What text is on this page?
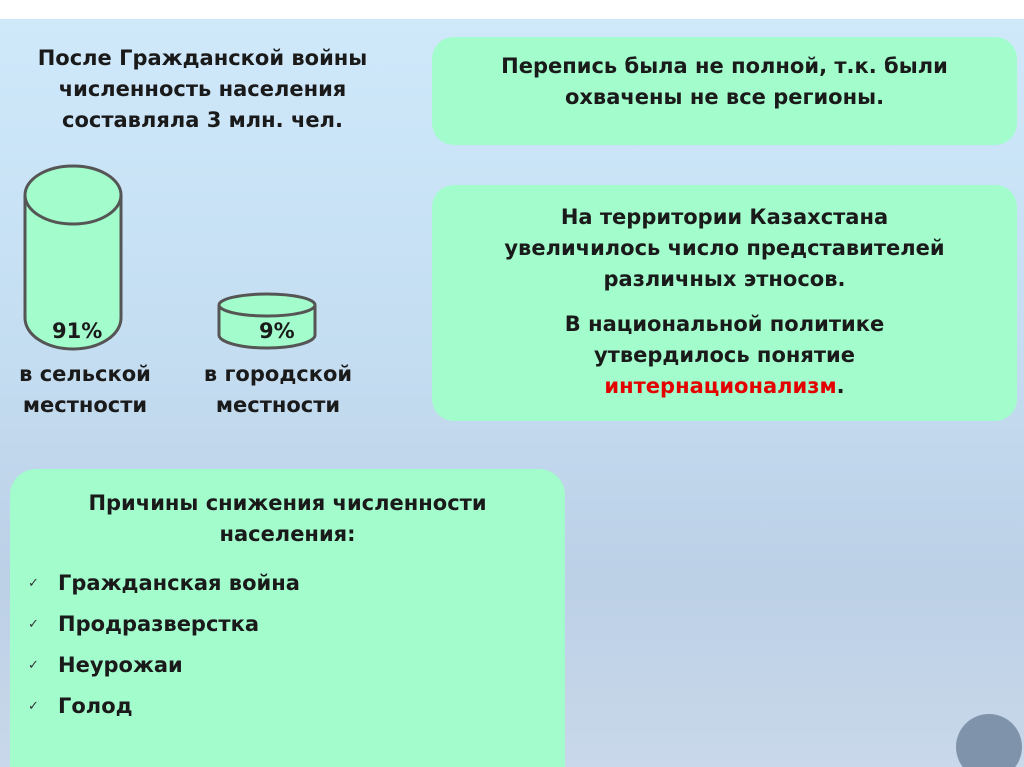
После Гражданской войны
численность населения
составляла 3 млн. чел.
91%	9%
в сельской
местности
в городской
местности
Перепись была не полной, т.к. были
охвачены не все регионы.

На территории Казахстана

увеличилось число представителей

различных этносов.

В национальной политике

утвердилось понятие

интернационализм.

Причины снижения численности
населения:
✓ Гражданская война
✓ Продразверстка
✓ Неурожаи
✓ Голод
